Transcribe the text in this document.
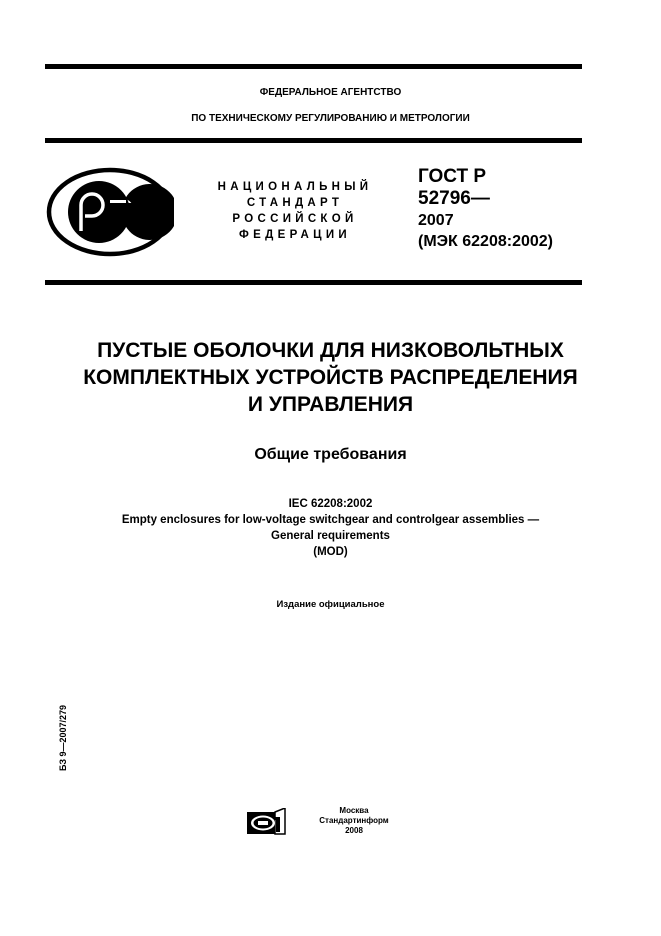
ФЕДЕРАЛЬНОЕ АГЕНТСТВО
ПО ТЕХНИЧЕСКОМУ РЕГУЛИРОВАНИЮ И МЕТРОЛОГИИ
НАЦИОНАЛЬНЫЙ
СТАНДАРТ
РОССИЙСКОЙ
ФЕДЕРАЦИИ
ГОСТ Р
52796—
2007
(МЭК 62208:2002)
ПУСТЫЕ ОБОЛОЧКИ ДЛЯ НИЗКОВОЛЬТНЫХ
КОМПЛЕКТНЫХ УСТРОЙСТВ РАСПРЕДЕЛЕНИЯ
И УПРАВЛЕНИЯ
Общие требования
IEC 62208:2002
Empty enclosures for low-voltage switchgear and controlgear assemblies —
General requirements
(MOD)
Издание официальное
БЗ 9—2007/279
Москва
Стандартинформ
2008
